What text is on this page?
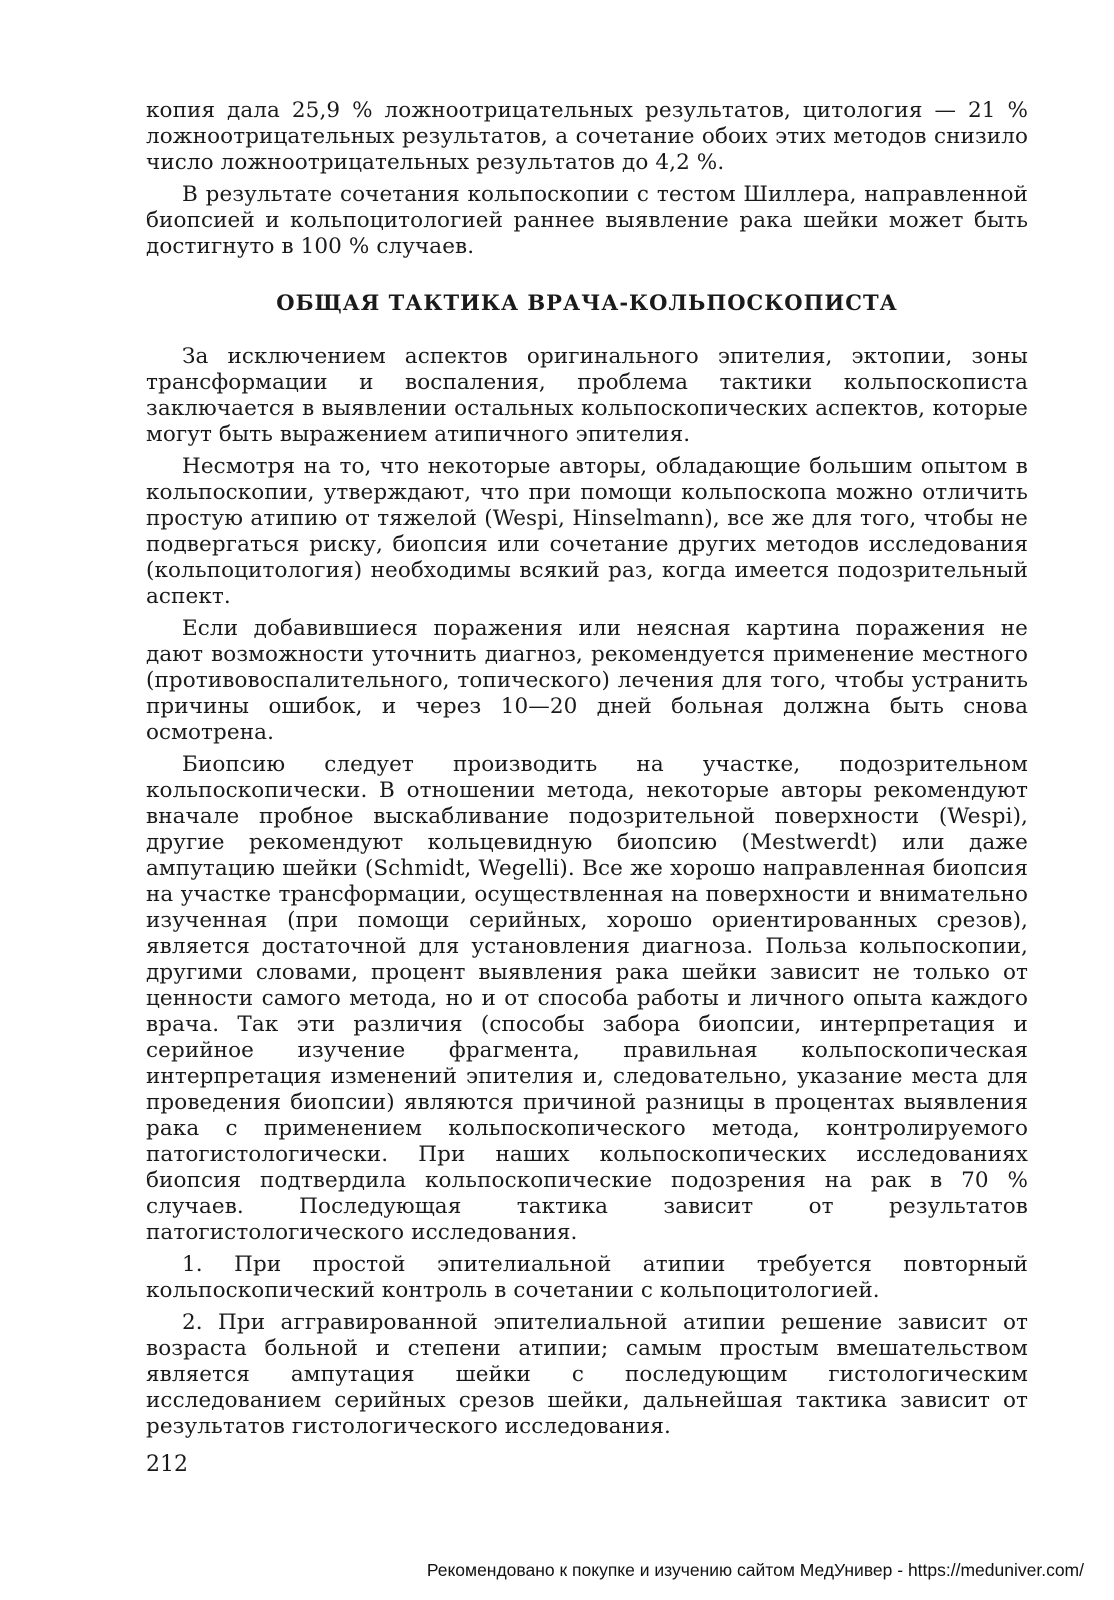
копия дала 25,9 % ложноотрицательных результатов, цитология — 21 % ложноотрицательных результатов, а сочетание обоих этих методов снизило число ложноотрицательных результатов до 4,2 %.

В результате сочетания кольпоскопии с тестом Шиллера, направленной биопсией и кольпоцитологией раннее выявление рака шейки может быть достигнуто в 100 % случаев.

ОБЩАЯ ТАКТИКА ВРАЧА-КОЛЬПОСКОПИСТА

За исключением аспектов оригинального эпителия, эктопии, зоны трансформации и воспаления, проблема тактики кольпоскописта заключается в выявлении остальных кольпоскопических аспектов, которые могут быть выражением атипичного эпителия.

Несмотря на то, что некоторые авторы, обладающие большим опытом в кольпоскопии, утверждают, что при помощи кольпоскопа можно отличить простую атипию от тяжелой (Wespi, Hinselmann), все же для того, чтобы не подвергаться риску, биопсия или сочетание других методов исследования (кольпоцитология) необходимы всякий раз, когда имеется подозрительный аспект.

Если добавившиеся поражения или неясная картина поражения не дают возможности уточнить диагноз, рекомендуется применение местного (противовоспалительного, топического) лечения для того, чтобы устранить причины ошибок, и через 10—20 дней больная должна быть снова осмотрена.

Биопсию следует производить на участке, подозрительном кольпоскопически. В отношении метода, некоторые авторы рекомендуют вначале пробное выскабливание подозрительной поверхности (Wespi), другие рекомендуют кольцевидную биопсию (Mestwerdt) или даже ампутацию шейки (Schmidt, Wegelli). Все же хорошо направленная биопсия на участке трансформации, осуществленная на поверхности и внимательно изученная (при помощи серийных, хорошо ориентированных срезов), является достаточной для установления диагноза. Польза кольпоскопии, другими словами, процент выявления рака шейки зависит не только от ценности самого метода, но и от способа работы и личного опыта каждого врача. Так эти различия (способы забора биопсии, интерпретация и серийное изучение фрагмента, правильная кольпоскопическая интерпретация изменений эпителия и, следовательно, указание места для проведения биопсии) являются причиной разницы в процентах выявления рака с применением кольпоскопического метода, контролируемого патогистологически. При наших кольпоскопических исследованиях биопсия подтвердила кольпоскопические подозрения на рак в 70 % случаев. Последующая тактика зависит от результатов патогистологического исследования.

1. При простой эпителиальной атипии требуется повторный кольпоскопический контроль в сочетании с кольпоцитологией.

2. При аггравированной эпителиальной атипии решение зависит от возраста больной и степени атипии; самым простым вмешательством является ампутация шейки с последующим гистологическим исследованием серийных срезов шейки, дальнейшая тактика зависит от результатов гистологического исследования.

212
Рекомендовано к покупке и изучению сайтом МедУнивер - https://meduniver.com/
